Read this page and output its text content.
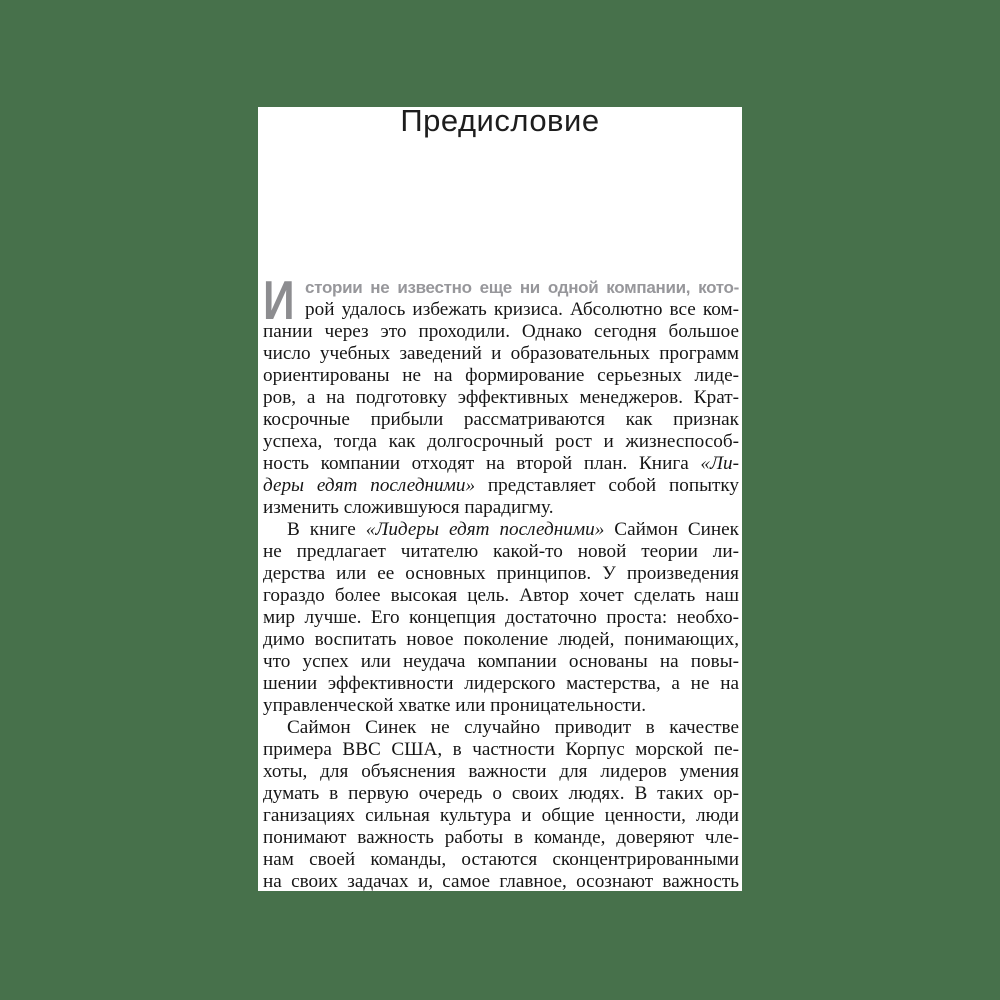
Предисловие
И стории не известно еще ни одной компании, кото-
рой удалось избежать кризиса. Абсолютно все ком-
пании через это проходили. Однако сегодня большое
число учебных заведений и образовательных программ
ориентированы не на формирование серьезных лиде-
ров, а на подготовку эффективных менеджеров. Крат-
косрочные прибыли рассматриваются как признак
успеха, тогда как долгосрочный рост и жизнеспособ-
ность компании отходят на второй план. Книга «Ли-
деры едят последними» представляет собой попытку
изменить сложившуюся парадигму.
В книге «Лидеры едят последними» Саймон Синек
не предлагает читателю какой-то новой теории ли-
дерства или ее основных принципов. У произведения
гораздо более высокая цель. Автор хочет сделать наш
мир лучше. Его концепция достаточно проста: необхо-
димо воспитать новое поколение людей, понимающих,
что успех или неудача компании основаны на повы-
шении эффективности лидерского мастерства, а не на
управленческой хватке или проницательности.
Саймон Синек не случайно приводит в качестве
примера ВВС США, в частности Корпус морской пе-
хоты, для объяснения важности для лидеров умения
думать в первую очередь о своих людях. В таких ор-
ганизациях сильная культура и общие ценности, люди
понимают важность работы в команде, доверяют чле-
нам своей команды, остаются сконцентрированными
на своих задачах и, самое главное, осознают важность
